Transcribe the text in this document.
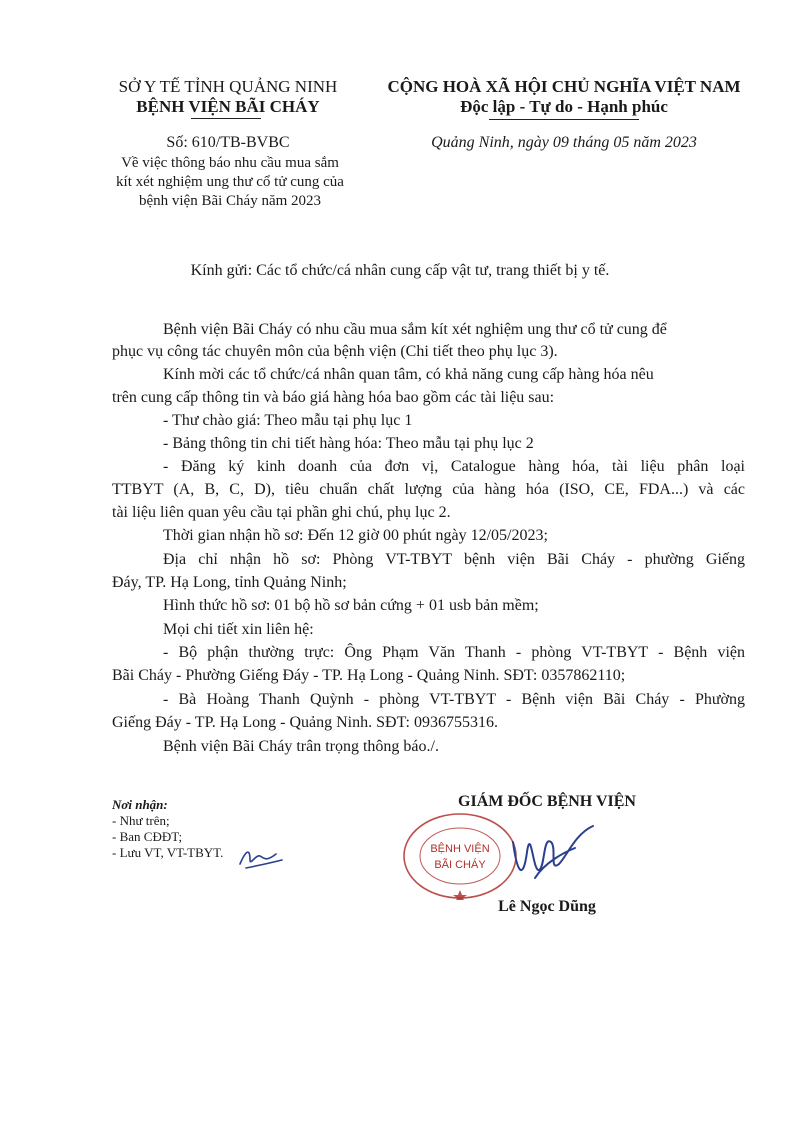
SỞ Y TẾ TỈNH QUẢNG NINH
BỆNH VIỆN BÃI CHÁY
Số: 610/TB-BVBC
Về việc thông báo nhu cầu mua sắm
kít xét nghiệm ung thư cổ tử cung của
bệnh viện Bãi Cháy năm 2023
CỘNG HOÀ XÃ HỘI CHỦ NGHĨA VIỆT NAM
Độc lập - Tự do - Hạnh phúc
Quảng Ninh, ngày 09 tháng 05 năm 2023
Kính gửi: Các tổ chức/cá nhân cung cấp vật tư, trang thiết bị y tế.
Bệnh viện Bãi Cháy có nhu cầu mua sắm kít xét nghiệm ung thư cổ tử cung để
phục vụ công tác chuyên môn của bệnh viện (Chi tiết theo phụ lục 3).
Kính mời các tổ chức/cá nhân quan tâm, có khả năng cung cấp hàng hóa nêu
trên cung cấp thông tin và báo giá hàng hóa bao gồm các tài liệu sau:
- Thư chào giá: Theo mẫu tại phụ lục 1
- Bảng thông tin chi tiết hàng hóa: Theo mẫu tại phụ lục 2
- Đăng ký kinh doanh của đơn vị, Catalogue hàng hóa, tài liệu phân loại
TTBYT (A, B, C, D), tiêu chuẩn chất lượng của hàng hóa (ISO, CE, FDA...) và các
tài liệu liên quan yêu cầu tại phần ghi chú, phụ lục 2.
Thời gian nhận hồ sơ: Đến 12 giờ 00 phút ngày 12/05/2023;
Địa chỉ nhận hồ sơ: Phòng VT-TBYT bệnh viện Bãi Cháy - phường Giếng
Đáy, TP. Hạ Long, tỉnh Quảng Ninh;
Hình thức hồ sơ: 01 bộ hồ sơ bản cứng + 01 usb bản mềm;
Mọi chi tiết xin liên hệ:
- Bộ phận thường trực: Ông Phạm Văn Thanh - phòng VT-TBYT - Bệnh viện
Bãi Cháy - Phường Giếng Đáy - TP. Hạ Long - Quảng Ninh. SĐT: 0357862110;
- Bà Hoàng Thanh Quỳnh - phòng VT-TBYT - Bệnh viện Bãi Cháy - Phường
Giếng Đáy - TP. Hạ Long - Quảng Ninh. SĐT: 0936755316.
Bệnh viện Bãi Cháy trân trọng thông báo./.
Nơi nhận:
- Như trên;
- Ban CĐĐT;
- Lưu VT, VT-TBYT.
GIÁM ĐỐC BỆNH VIỆN
BỆNH VIỆN
BÃI CHÁY
Lê Ngọc Dũng
